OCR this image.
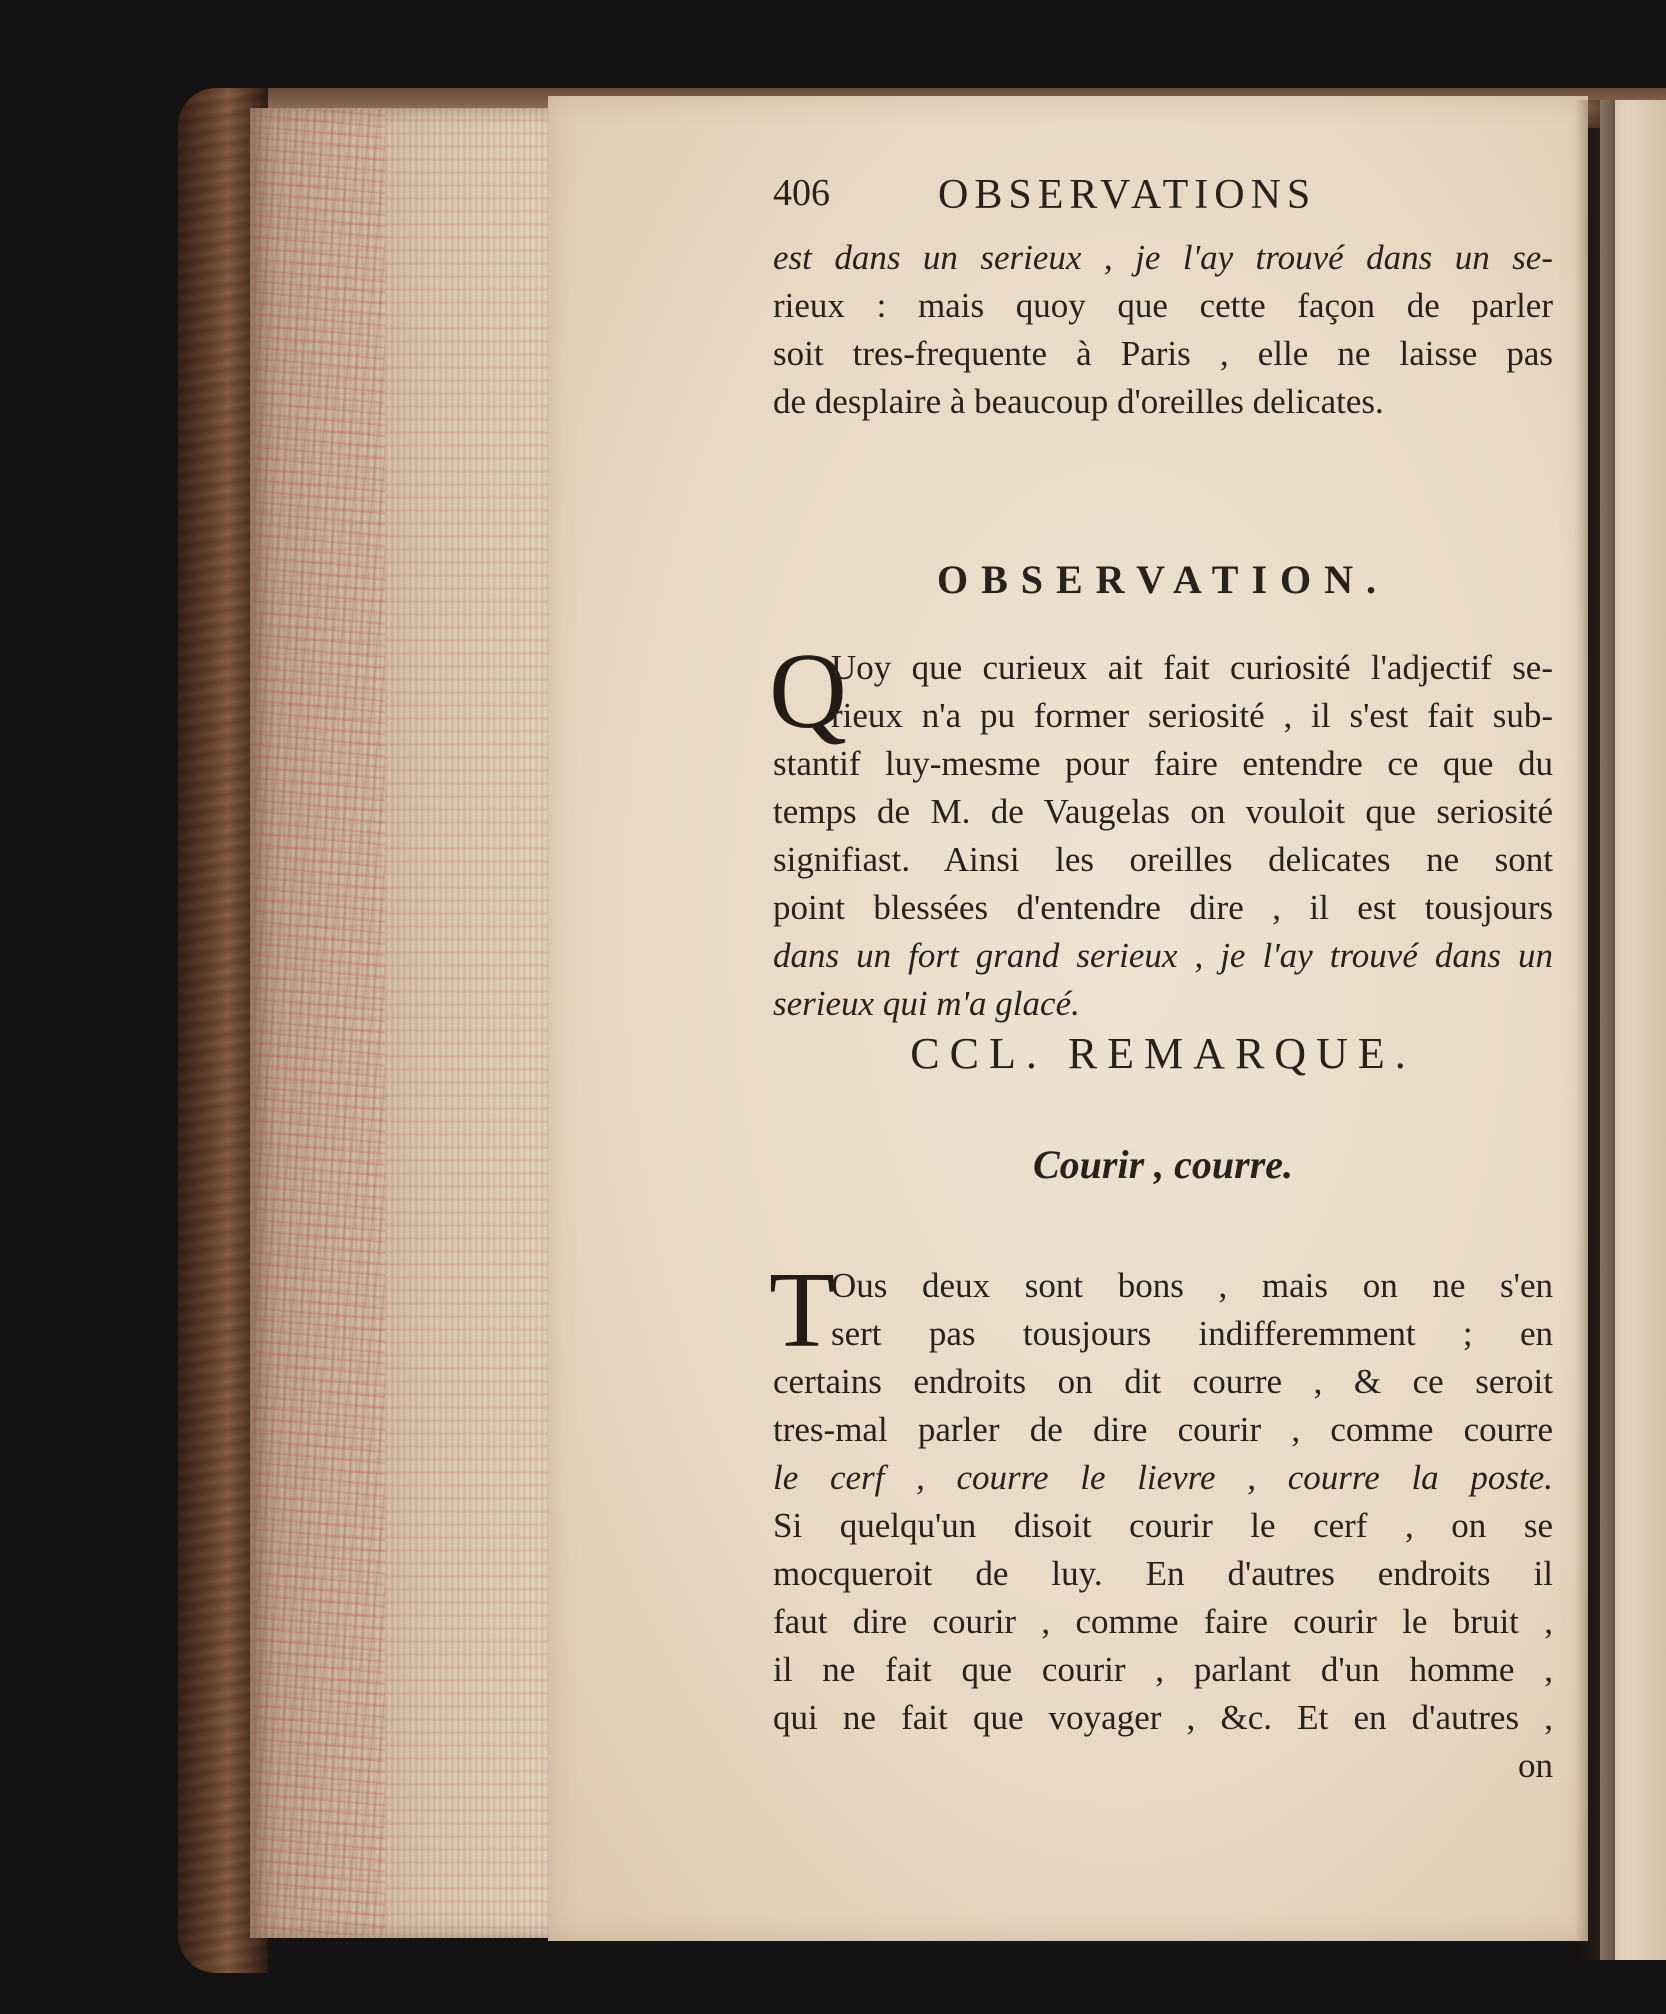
406	OBSERVATIONS
est dans un serieux , je l'ay trouvé dans un se-
rieux : mais quoy que cette façon de parler
soit tres-frequente à Paris , elle ne laisse pas
de desplaire à beaucoup d'oreilles delicates.
OBSERVATION.
Q
Uoy que curieux ait fait curiosité l'adjectif se-
rieux n'a pu former seriosité , il s'est fait sub-
stantif luy-mesme pour faire entendre ce que du
temps de M. de Vaugelas on vouloit que seriosité
signifiast. Ainsi les oreilles delicates ne sont
point blessées d'entendre dire , il est tousjours
dans un fort grand serieux , je l'ay trouvé dans un
serieux qui m'a glacé.
CCL. REMARQUE.
Courir , courre.
T
Ous deux sont bons , mais on ne s'en
sert pas tousjours indifferemment ; en
certains endroits on dit courre , & ce seroit
tres-mal parler de dire courir , comme courre
le cerf , courre le lievre , courre la poste.
Si quelqu'un disoit courir le cerf , on se
mocqueroit de luy. En d'autres endroits il
faut dire courir , comme faire courir le bruit ,
il ne fait que courir , parlant d'un homme ,
qui ne fait que voyager , &c. Et en d'autres ,
on
